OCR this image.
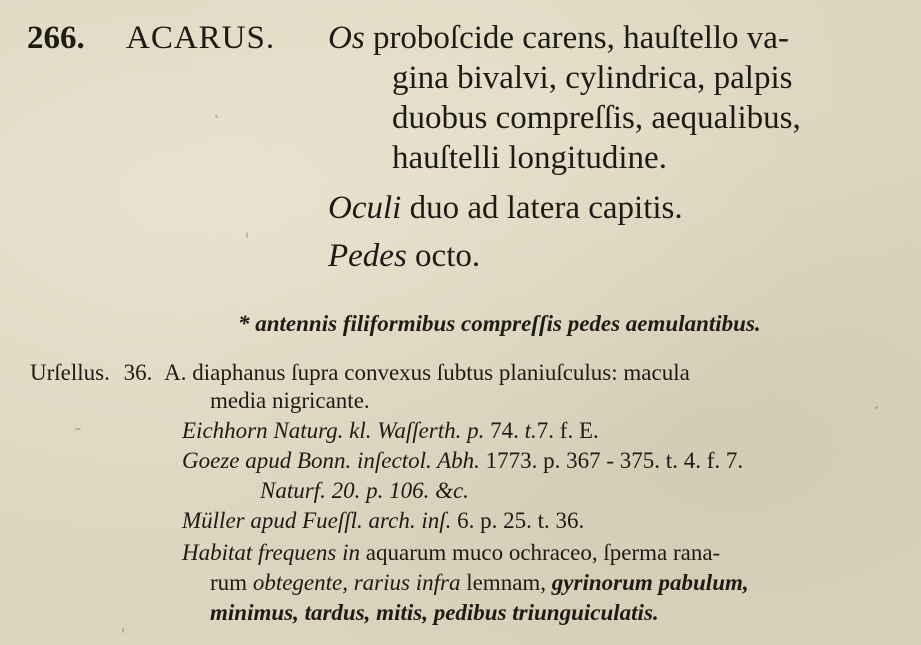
266. ACARUS. Os proboſcide carens, hauſtello va-
gina bivalvi, cylindrica, palpis
duobus compreſſis, aequalibus,
hauſtelli longitudine.
Oculi duo ad latera capitis.
Pedes octo.
* antennis filiformibus compreſſis pedes aemulantibus.
Urſellus. 36. A. diaphanus ſupra convexus ſubtus planiuſculus: macula
media nigricante.
Eichhorn Naturg. kl. Waſſerth. p. 74. t.7. f. E.
Goeze apud Bonn. inſectol. Abh. 1773. p. 367 - 375. t. 4. f. 7.
Naturf. 20. p. 106. &c.
Müller apud Fueſſl. arch. inſ. 6. p. 25. t. 36.
Habitat frequens in aquarum muco ochraceo, ſperma rana-
rum obtegente, rarius infra lemnam, gyrinorum pabulum,
minimus, tardus, mitis, pedibus triunguiculatis.
